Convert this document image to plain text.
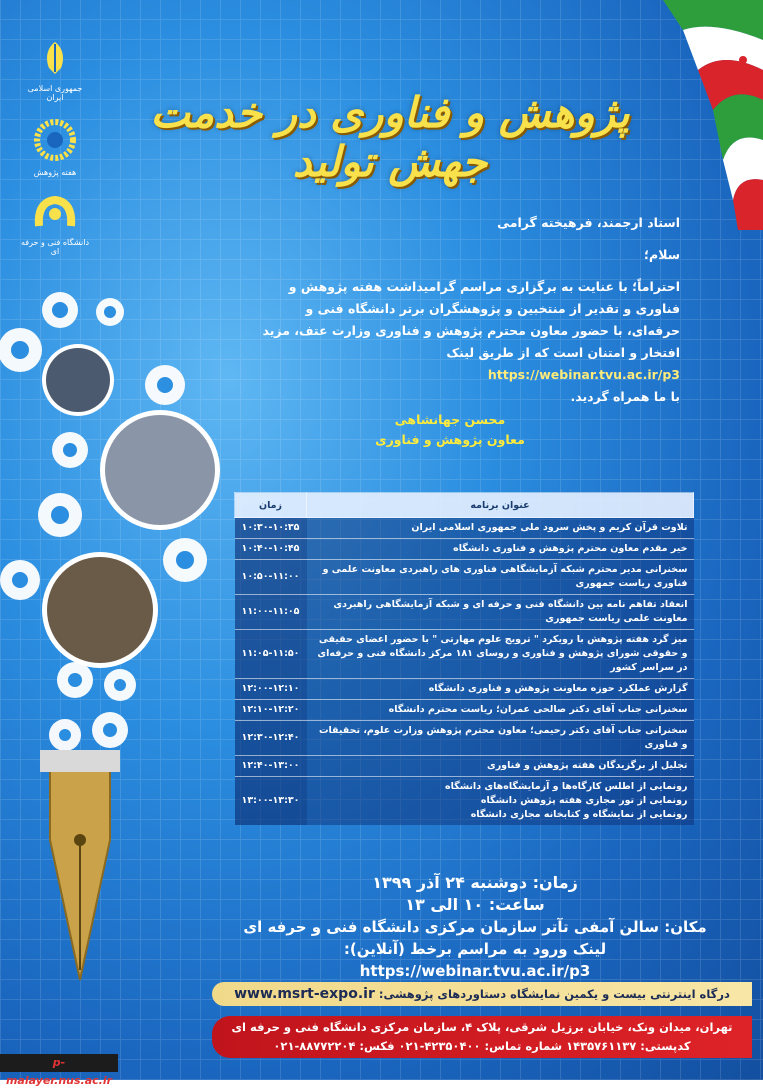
جمهوری اسلامی ایران
هفته پژوهش
دانشگاه فنی و حرفه ای
پژوهش و فناوری در خدمت جهش تولید

استاد ارجمند، فرهیخته گرامی

سلام؛

احتراماً؛ با عنایت به برگزاری مراسم گرامیداشت هفته پژوهش و فناوری و تقدیر از منتخبین و پژوهشگران برتر دانشگاه فنی و حرفه‌ای، با حضور معاون محترم پژوهش و فناوری وزارت عتف، مزید افتخار و امتنان است که از طریق لینک https://webinar.tvu.ac.ir/p3

با ما همراه گردید.

محسن جهانشاهی
معاون پژوهش و فناوری
عنوان برنامه	زمان
تلاوت قرآن کریم و پخش سرود ملی جمهوری اسلامی ایران	۱۰:۳۰-۱۰:۳۵
خیر مقدم معاون محترم پژوهش و فناوری دانشگاه	۱۰:۴۰-۱۰:۴۵
سخنرانی مدیر محترم شبکه آزمایشگاهی فناوری های راهبردی معاونت علمی و فناوری ریاست جمهوری	۱۰:۵۰-۱۱:۰۰
انعقاد تفاهم نامه بین دانشگاه فنی و حرفه ای و شبکه آزمایشگاهی راهبردی معاونت علمی ریاست جمهوری	۱۱:۰۰-۱۱:۰۵
میز گرد هفته پژوهش با رویکرد " ترویج علوم مهارتی " با حضور اعضای حقیقی و حقوقی شورای پژوهش و فناوری و روسای ۱۸۱ مرکز دانشگاه فنی و حرفه‌ای در سراسر کشور	۱۱:۰۵-۱۱:۵۰
گزارش عملکرد حوزه معاونت پژوهش و فناوری دانشگاه	۱۲:۰۰-۱۲:۱۰
سخنرانی جناب آقای دکتر صالحی عمران؛ ریاست محترم دانشگاه	۱۲:۱۰-۱۲:۲۰
سخنرانی جناب آقای دکتر رحیمی؛ معاون محترم پژوهش وزارت علوم، تحقیقات و فناوری	۱۲:۳۰-۱۲:۴۰
تجلیل از برگزیدگان هفته پژوهش و فناوری	۱۲:۴۰-۱۳:۰۰
رونمایی از اطلس کارگاه‌ها و آزمایشگاه‌های دانشگاه
رونمایی از تور مجازی هفته پژوهش دانشگاه
رونمایی از نمایشگاه و کتابخانه مجازی دانشگاه	۱۳:۰۰-۱۳:۳۰
زمان: دوشنبه ۲۴ آذر ۱۳۹۹
ساعت: ۱۰ الی ۱۳
مکان: سالن آمفی تآتر سازمان مرکزی دانشگاه فنی و حرفه ای
لینک ورود به مراسم برخط (آنلاین): https://webinar.tvu.ac.ir/p3
درگاه اینترنتی بیست و یکمین نمایشگاه دستاوردهای پژوهشی: www.msrt-expo.ir
تهران، میدان ونک، خیابان برزیل شرقی، پلاک ۴، سازمان مرکزی دانشگاه فنی و حرفه ای
کدپستی: ۱۴۳۵۷۶۱۱۳۷ شماره تماس: ۴۲۳۵۰۴۰۰-۰۲۱ فکس: ۸۸۷۷۲۲۰۴-۰۲۱
p-malayer.nus.ac.ir
